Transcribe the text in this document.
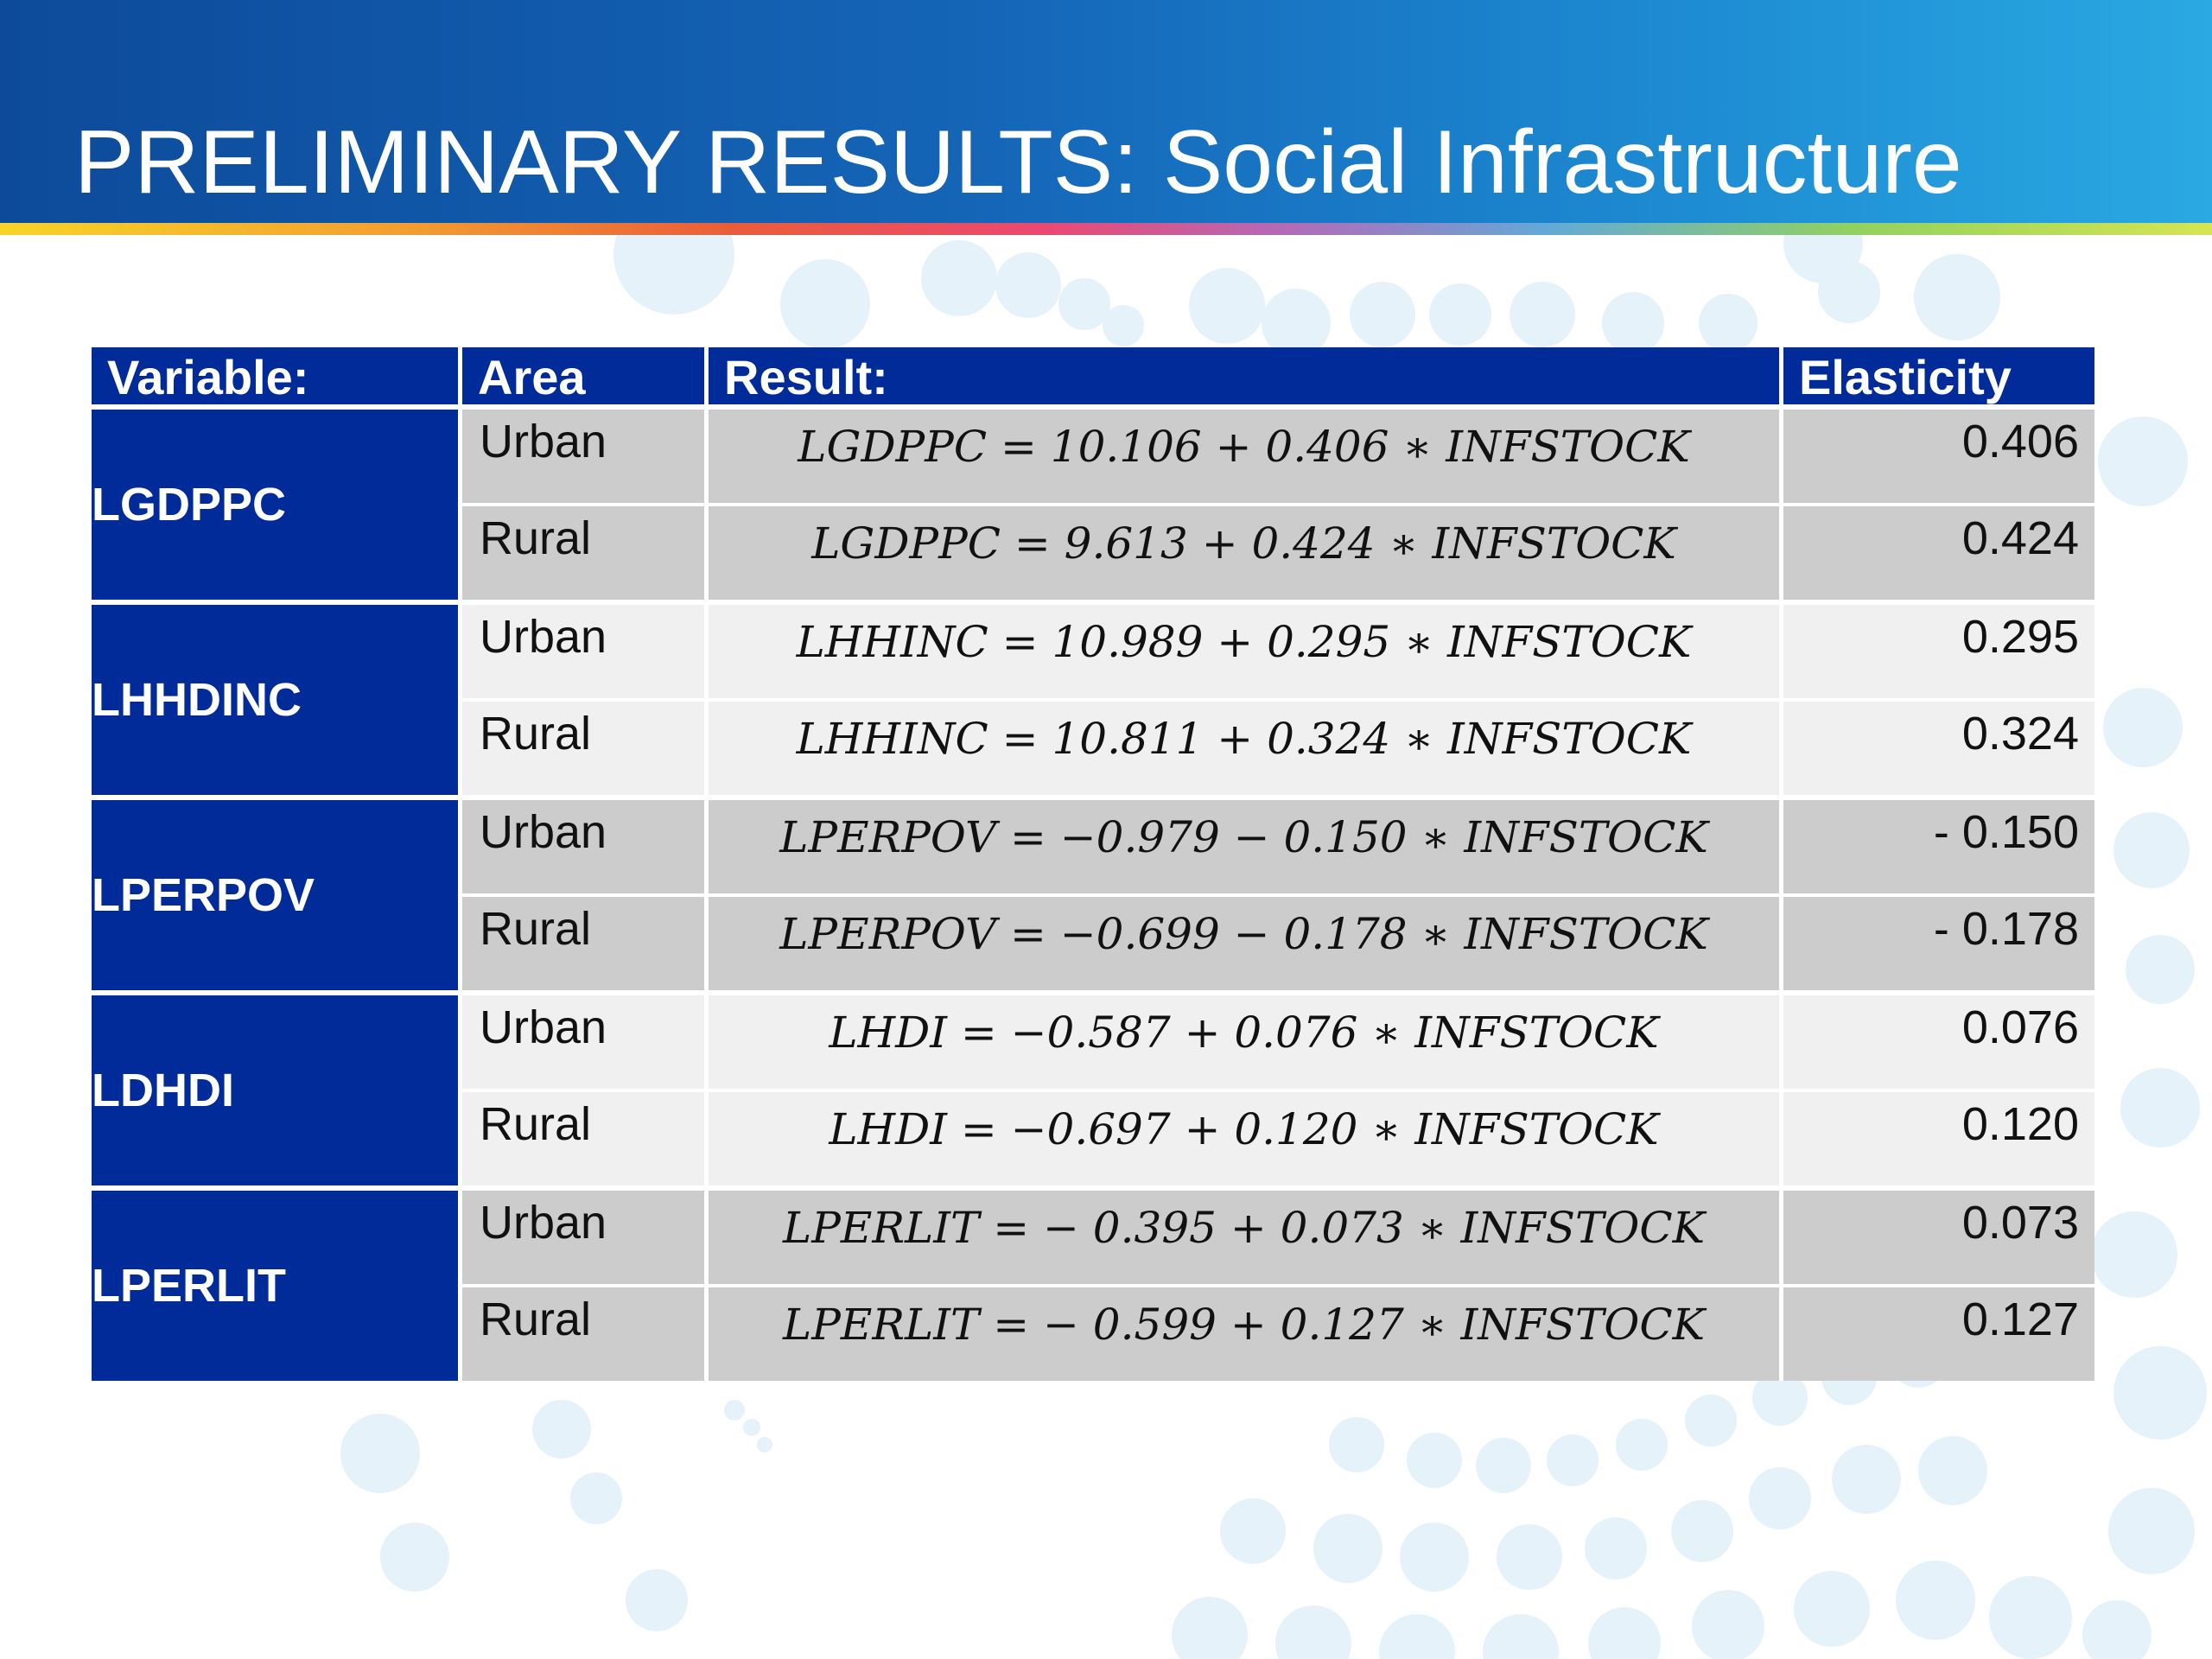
PRELIMINARY RESULTS: Social Infrastructure
Variable:	Area	Result:	Elasticity

LGDPPC	Urban	LGDPPC = 10.106 + 0.406 ∗ INFSTOCK	0.406

	Rural	LGDPPC = 9.613 + 0.424 ∗ INFSTOCK	0.424

LHHDINC	Urban	LHHINC = 10.989 + 0.295 ∗ INFSTOCK	0.295

	Rural	LHHINC = 10.811 + 0.324 ∗ INFSTOCK	0.324

LPERPOV	Urban	LPERPOV = −0.979 − 0.150 ∗ INFSTOCK	- 0.150

	Rural	LPERPOV = −0.699 − 0.178 ∗ INFSTOCK	- 0.178

LDHDI	Urban	LHDI = −0.587 + 0.076 ∗ INFSTOCK	0.076

	Rural	LHDI = −0.697 + 0.120 ∗ INFSTOCK	0.120

LPERLIT	Urban	LPERLIT = − 0.395 + 0.073 ∗ INFSTOCK	0.073

	Rural	LPERLIT = − 0.599 + 0.127 ∗ INFSTOCK	0.127
